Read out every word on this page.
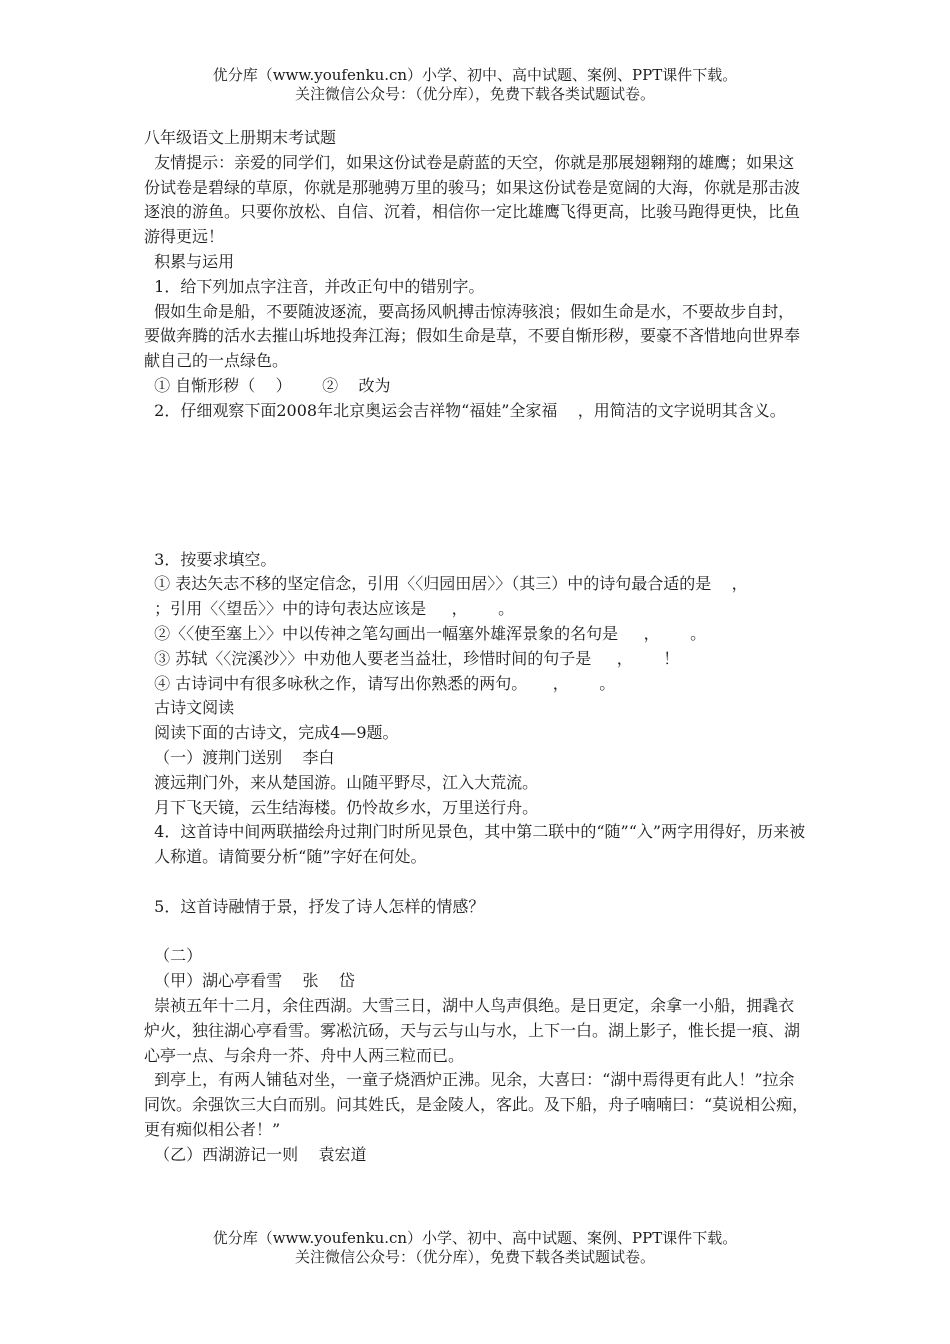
优分库（www.youfenku.cn）小学、初中、高中试题、案例、PPT课件下载。
关注微信公众号：（优分库），免费下载各类试题试卷。

八年级语文上册期末考试题

友情提示：亲爱的同学们，如果这份试卷是蔚蓝的天空，你就是那展翅翱翔的雄鹰；如果这份试卷是碧绿的草原，你就是那驰骋万里的骏马；如果这份试卷是宽阔的大海，你就是那击波逐浪的游鱼。只要你放松、自信、沉着，相信你一定比雄鹰飞得更高，比骏马跑得更快，比鱼游得更远！

积累与运用

1．给下列加点字注音，并改正句中的错别字。

假如生命是船，不要随波逐流，要高扬风帆搏击惊涛骇浪；假如生命是水，不要故步自封，要做奔腾的活水去摧山坼地投奔江海；假如生命是草，不要自惭形秽，要豪不吝惜地向世界奉献自己的一点绿色。

① 自惭形秽（    ）      ②    改为

2．仔细观察下面2008年北京奥运会吉祥物“福娃”全家福    ，用简洁的文字说明其含义。

3．按要求填空。

① 表达矢志不移的坚定信念，引用〈〈归园田居〉〉（其三）中的诗句最合适的是    ，

；引用〈〈望岳〉〉中的诗句表达应该是     ，      。

②〈〈使至塞上〉〉中以传神之笔勾画出一幅塞外雄浑景象的名句是     ，      。

③ 苏轼〈〈浣溪沙〉〉中劝他人要老当益壮，珍惜时间的句子是     ，      ！

④ 古诗词中有很多咏秋之作，请写出你熟悉的两句。     ，      。

古诗文阅读

阅读下面的古诗文，完成4—9题。

（一）渡荆门送别    李白

渡远荆门外，来从楚国游。山随平野尽，江入大荒流。

月下飞天镜，云生结海楼。仍怜故乡水，万里送行舟。

4．这首诗中间两联描绘舟过荆门时所见景色，其中第二联中的“随”“入”两字用得好，历来被

人称道。请简要分析“随”字好在何处。

5．这首诗融情于景，抒发了诗人怎样的情感？

（二）

（甲）湖心亭看雪    张    岱

崇祯五年十二月，余住西湖。大雪三日，湖中人鸟声俱绝。是日更定，余拿一小船，拥毳衣炉火，独往湖心亭看雪。雾凇沆砀，天与云与山与水，上下一白。湖上影子，惟长提一痕、湖心亭一点、与余舟一芥、舟中人两三粒而已。

到亭上，有两人铺毡对坐，一童子烧酒炉正沸。见余，大喜曰：“湖中焉得更有此人！”拉余同饮。余强饮三大白而别。问其姓氏，是金陵人，客此。及下船，舟子喃喃曰：“莫说相公痴，更有痴似相公者！”

（乙）西湖游记一则    袁宏道

优分库（www.youfenku.cn）小学、初中、高中试题、案例、PPT课件下载。
关注微信公众号：（优分库），免费下载各类试题试卷。
